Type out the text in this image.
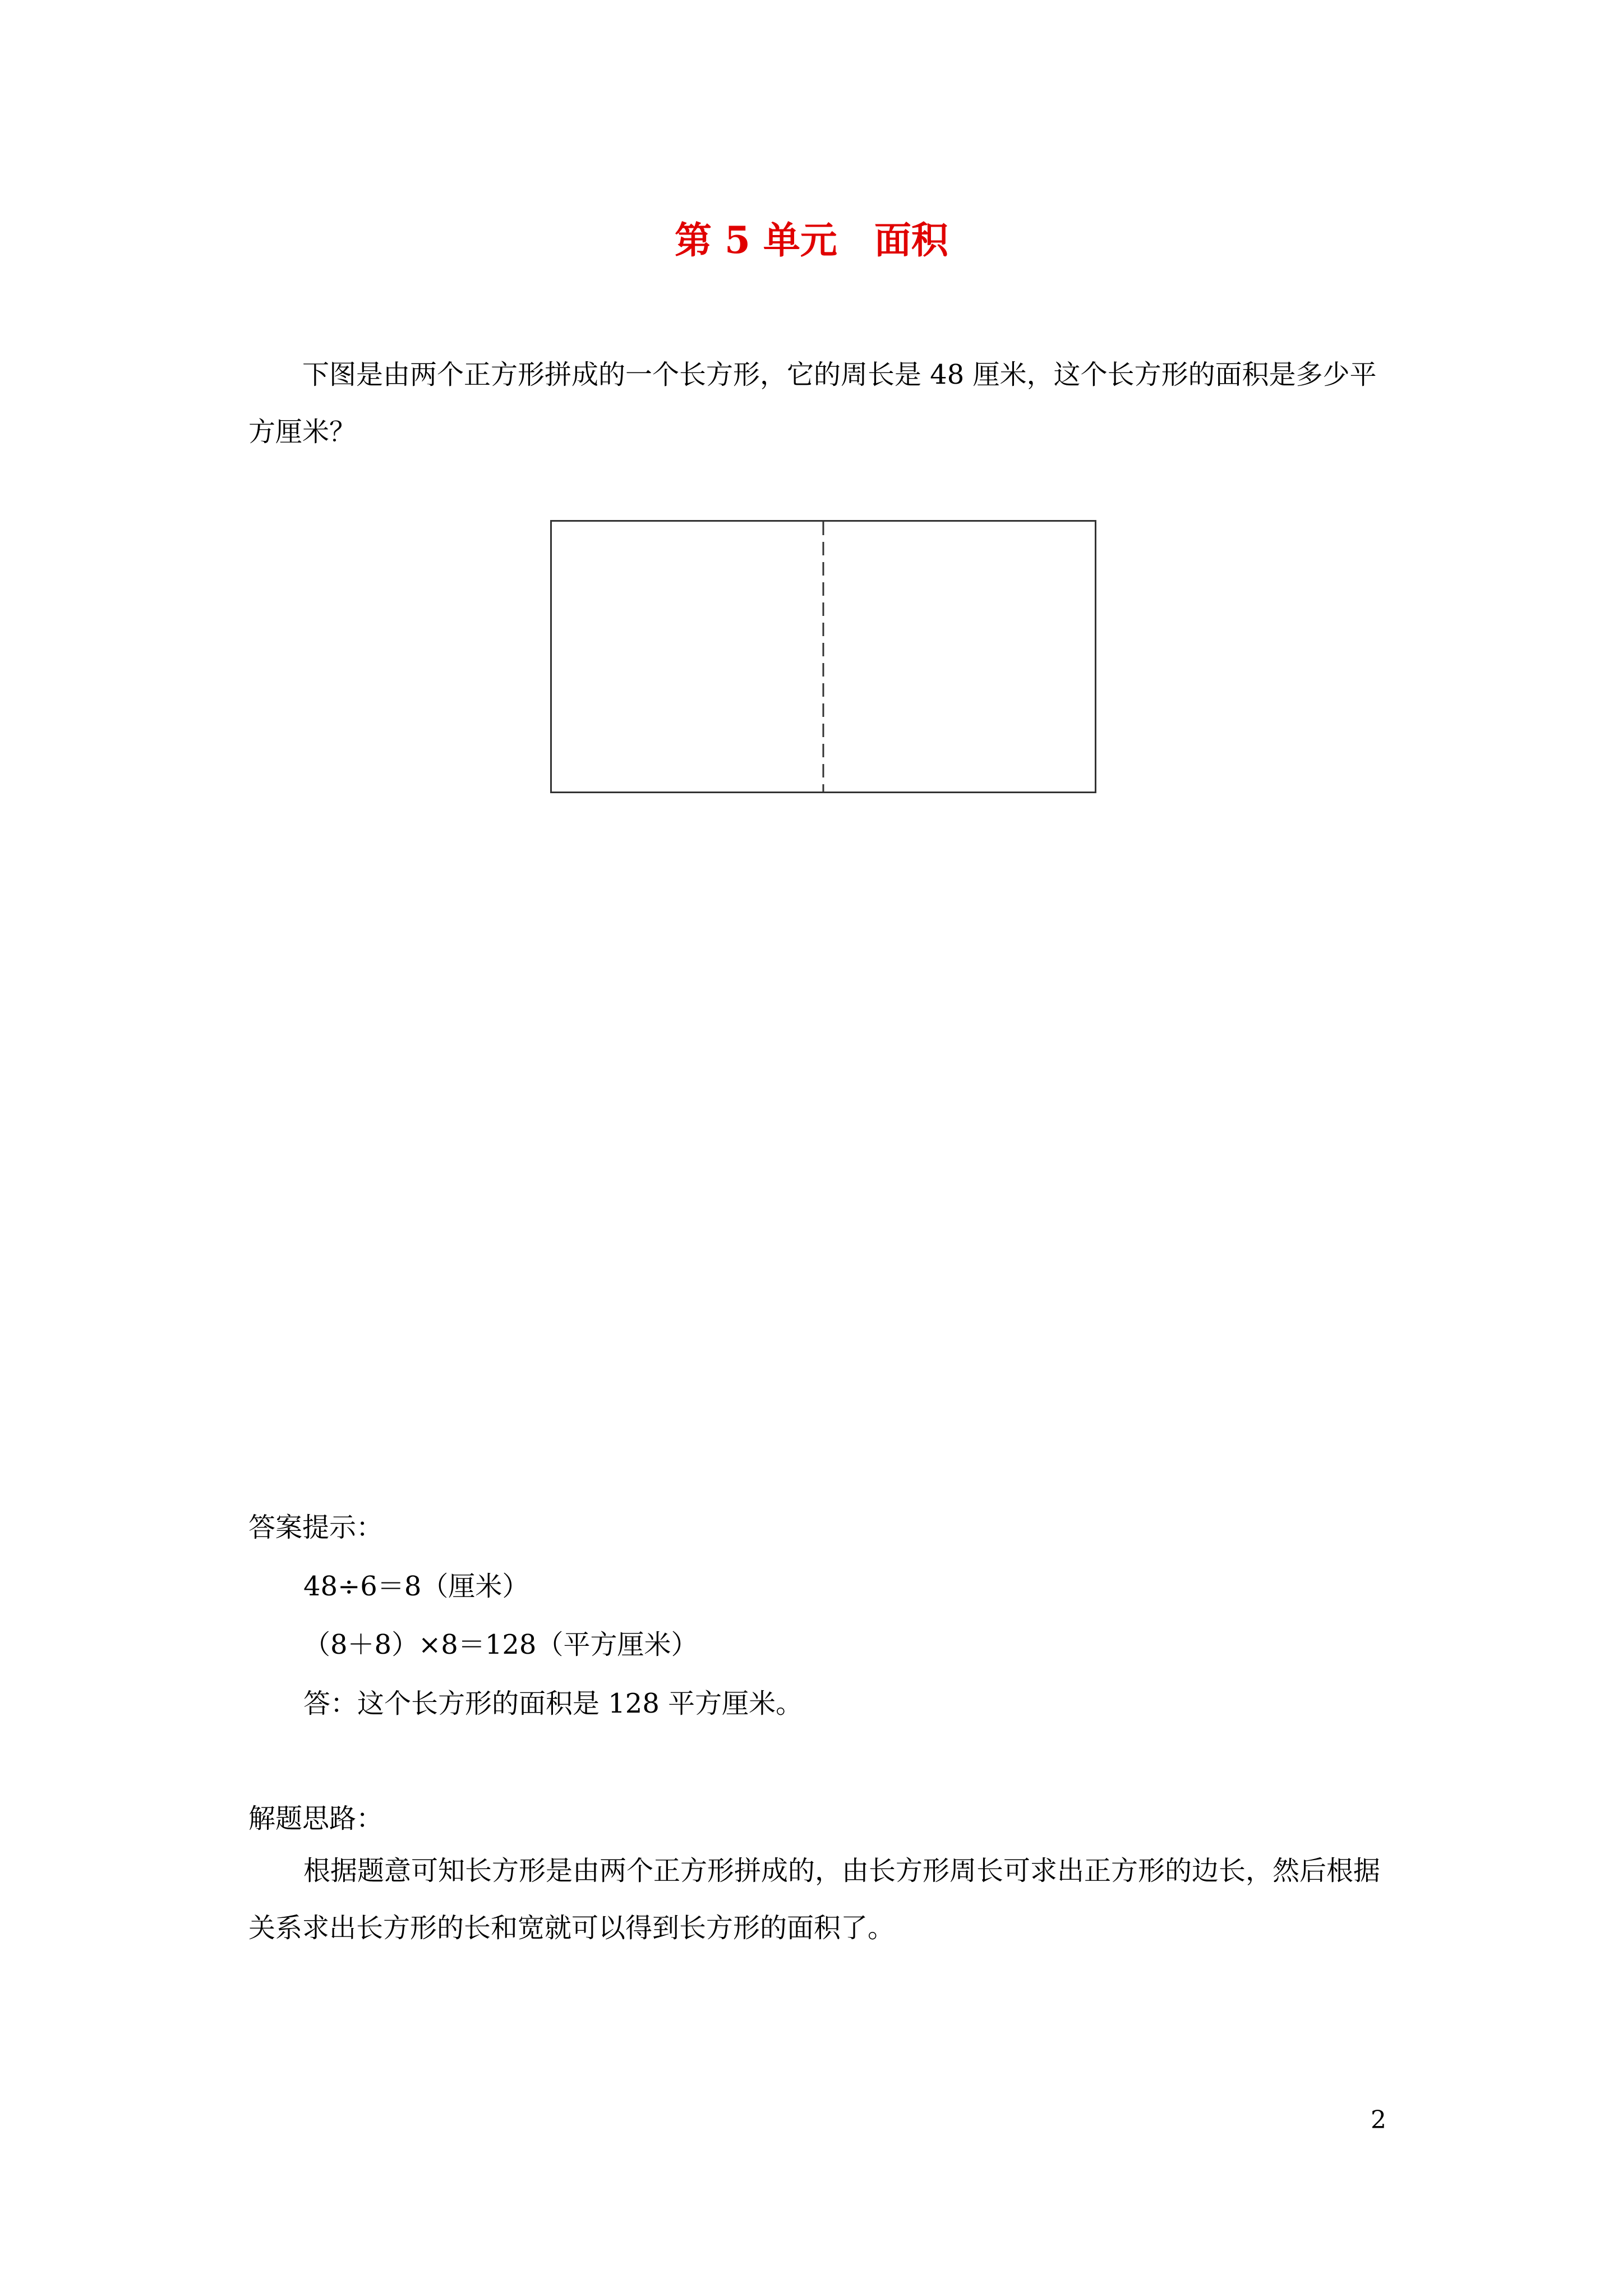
第 5 单元　面积

下图是由两个正方形拼成的一个长方形，它的周长是 48 厘米，这个长方形的面积是多少平方厘米？

答案提示：

48÷6＝8（厘米）

（8＋8）×8＝128（平方厘米）

答：这个长方形的面积是 128 平方厘米。

解题思路：

根据题意可知长方形是由两个正方形拼成的，由长方形周长可求出正方形的边长，然后根据关系求出长方形的长和宽就可以得到长方形的面积了。

2
